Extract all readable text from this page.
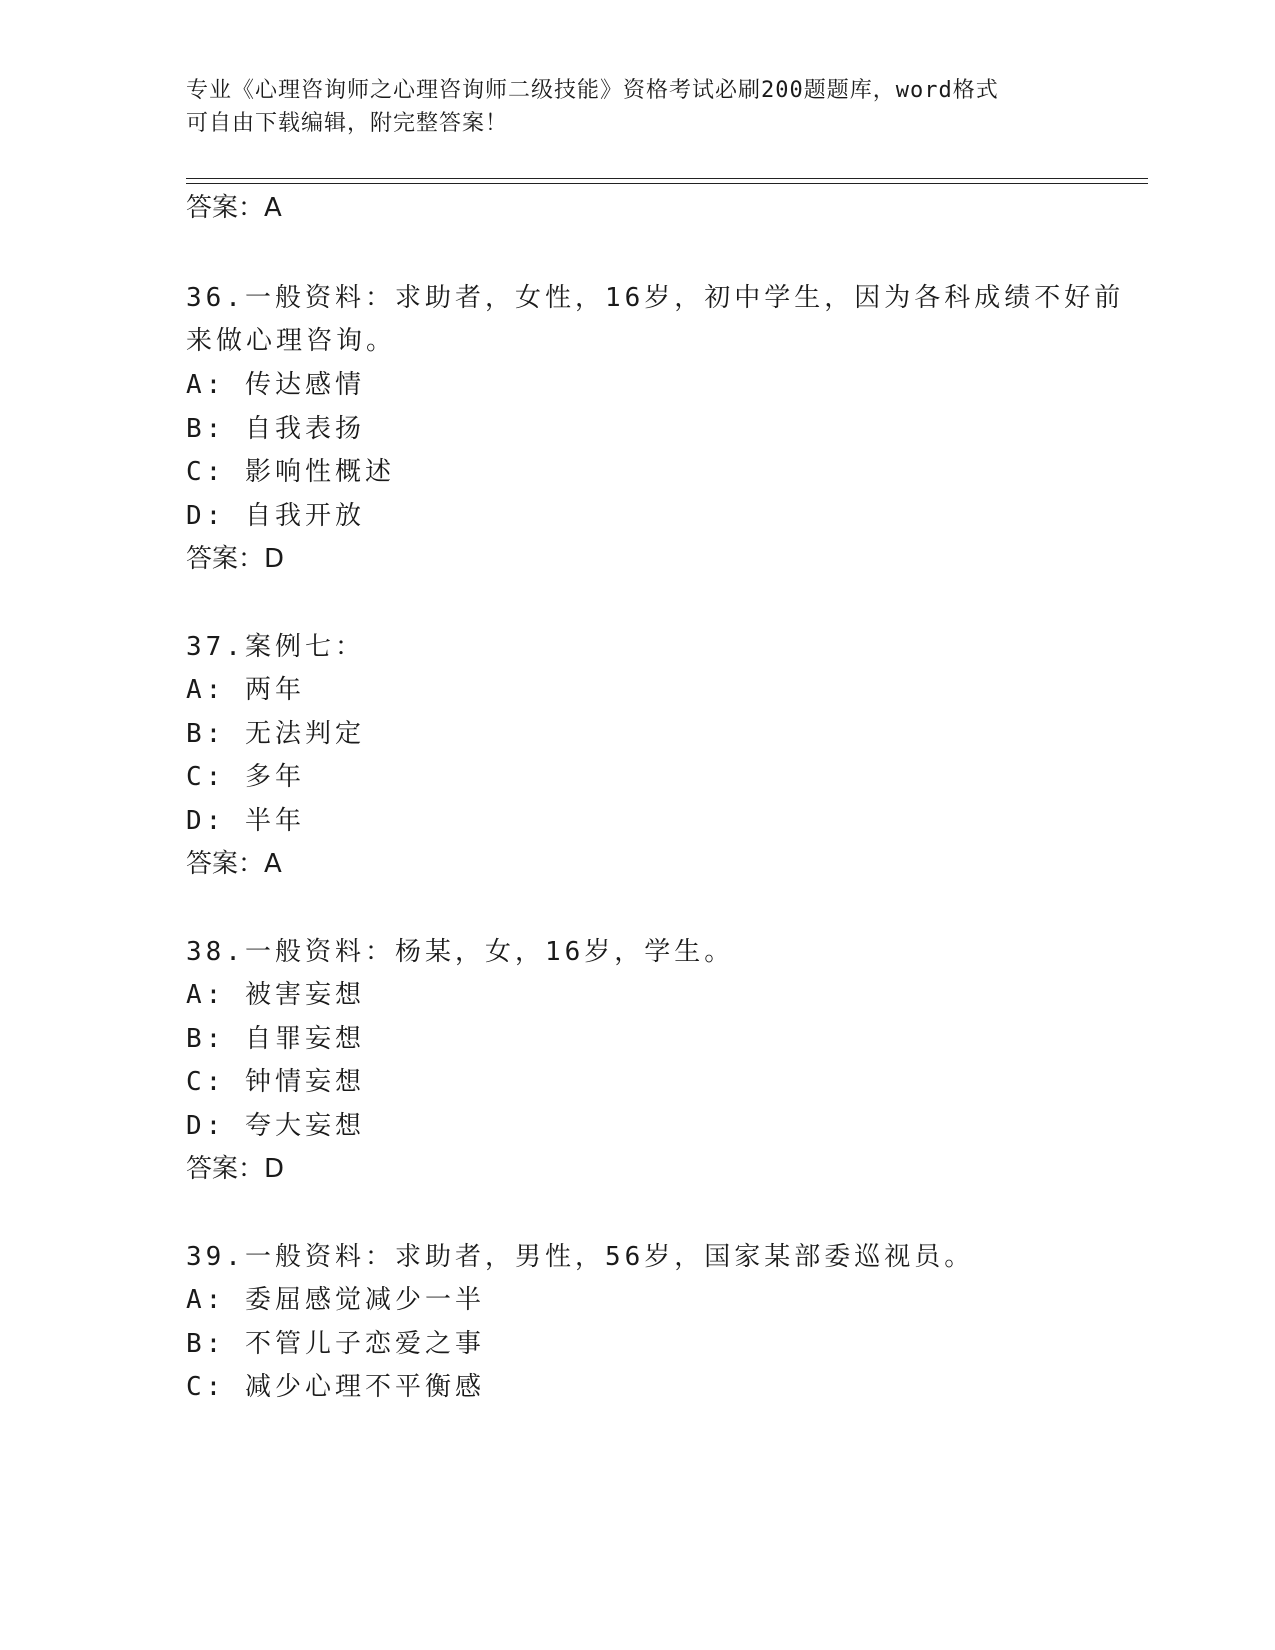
专业《心理咨询师之心理咨询师二级技能》资格考试必刷200题题库，word格式
可自由下载编辑，附完整答案！
答案：A
36.一般资料：求助者，女性，16岁，初中学生，因为各科成绩不好前
来做心理咨询。
A: 传达感情
B: 自我表扬
C: 影响性概述
D: 自我开放
答案：D
37.案例七：
A: 两年
B: 无法判定
C: 多年
D: 半年
答案：A
38.一般资料：杨某，女，16岁，学生。
A: 被害妄想
B: 自罪妄想
C: 钟情妄想
D: 夸大妄想
答案：D
39.一般资料：求助者，男性，56岁，国家某部委巡视员。
A: 委屈感觉减少一半
B: 不管儿子恋爱之事
C: 减少心理不平衡感
